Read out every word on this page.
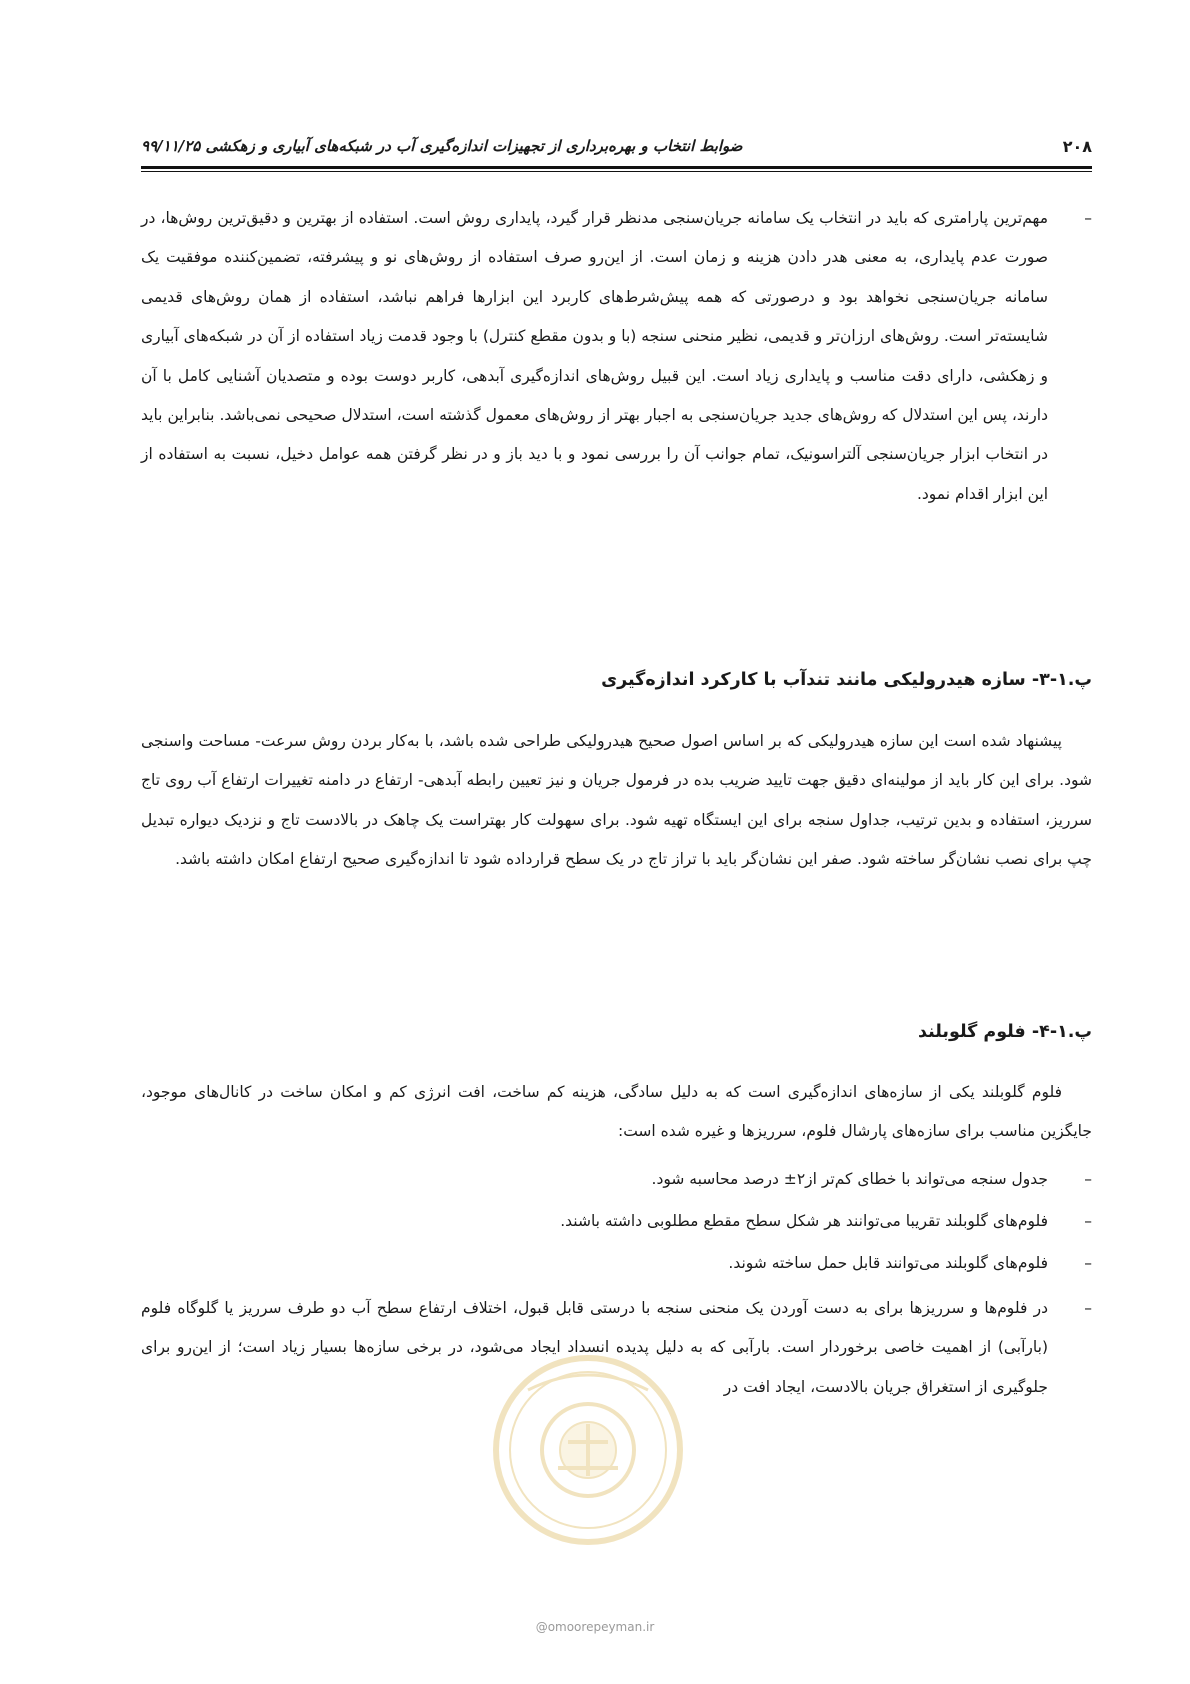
۲۰۸
ضوابط انتخاب و بهره‌برداری از تجهیزات اندازه‌گیری آب در شبکه‌های آبیاری و زهکشی ۹۹/۱۱/۲۵
–
مهم‌ترین پارامتری که باید در انتخاب یک سامانه جریان‌سنجی مدنظر قرار گیرد، پایداری روش است. استفاده از بهترین و دقیق‌ترین روش‌ها، در صورت عدم پایداری، به معنی هدر دادن هزینه و زمان است. از این‌رو صرف استفاده از روش‌های نو و پیشرفته، تضمین‌کننده موفقیت یک سامانه جریان‌سنجی نخواهد بود و درصورتی که همه پیش‌شرط‌های کاربرد این ابزارها فراهم نباشد، استفاده از همان روش‌های قدیمی شایسته‌تر است. روش‌های ارزان‌تر و قدیمی، نظیر منحنی سنجه (با و بدون مقطع کنترل) با وجود قدمت زیاد استفاده از آن در شبکه‌های آبیاری و زهکشی، دارای دقت مناسب و پایداری زیاد است. این قبیل روش‌های اندازه‌گیری آبدهی، کاربر دوست بوده و متصدیان آشنایی کامل با آن دارند، پس این استدلال که روش‌های جدید جریان‌سنجی به اجبار بهتر از روش‌های معمول گذشته است، استدلال صحیحی نمی‌باشد. بنابراین باید در انتخاب ابزار جریان‌سنجی آلتراسونیک، تمام جوانب آن را بررسی نمود و با دید باز و در نظر گرفتن همه عوامل دخیل، نسبت به استفاده از این ابزار اقدام نمود.
پ.۱-۳- سازه هیدرولیکی مانند تندآب با کارکرد اندازه‌گیری
پیشنهاد شده است این سازه هیدرولیکی که بر اساس اصول صحیح هیدرولیکی طراحی شده باشد، با به‌کار بردن روش سرعت- مساحت واسنجی شود. برای این کار باید از مولینه‌ای دقیق جهت تایید ضریب بده در فرمول جریان و نیز تعیین رابطه آبدهی- ارتفاع در دامنه تغییرات ارتفاع آب روی تاج سرریز، استفاده و بدین ترتیب، جداول سنجه برای این ایستگاه تهیه شود. برای سهولت کار بهتراست یک چاهک در بالادست تاج و نزدیک دیواره تبدیل چپ برای نصب نشان‌گر ساخته شود. صفر این نشان‌گر باید با تراز تاج در یک سطح قرارداده شود تا اندازه‌گیری صحیح ارتفاع امکان داشته باشد.
پ.۱-۴- فلوم گلوبلند
فلوم گلوبلند یکی از سازه‌های اندازه‌گیری است که به دلیل سادگی، هزینه کم ساخت، افت انرژی کم و امکان ساخت در کانال‌های موجود، جایگزین مناسب برای سازه‌های پارشال فلوم، سرریزها و غیره شده است:
–
جدول سنجه می‌تواند با خطای کم‌تر از۲± درصد محاسبه شود.
–
فلوم‌های گلوبلند تقریبا می‌توانند هر شکل سطح مقطع مطلوبی داشته باشند.
–
فلوم‌های گلوبلند می‌توانند قابل حمل ساخته شوند.
–
در فلوم‌ها و سرریزها برای به دست آوردن یک منحنی سنجه با درستی قابل قبول، اختلاف ارتفاع سطح آب دو طرف سرریز یا گلوگاه فلوم (بارآبی) از اهمیت خاصی برخوردار است. بارآبی که به دلیل پدیده انسداد ایجاد می‌شود، در برخی سازه‌ها بسیار زیاد است؛ از این‌رو برای جلوگیری از استغراق جریان بالادست، ایجاد افت در
@omoorepeyman.ir
